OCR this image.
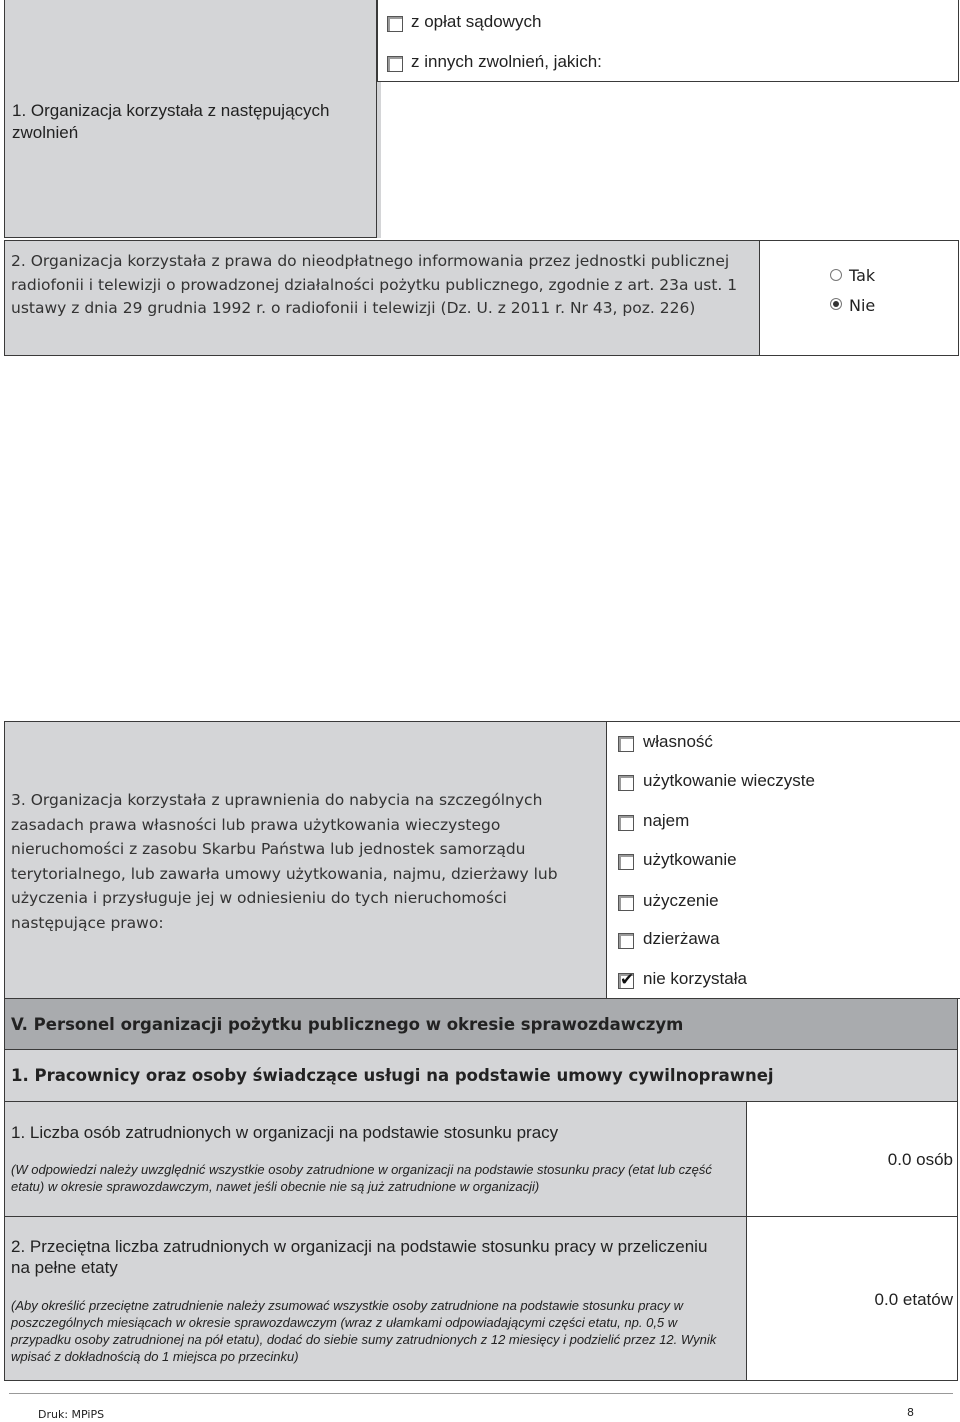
1. Organizacja korzystała z następujących zwolnień
z opłat sądowych
z innych zwolnień, jakich:
2. Organizacja korzystała z prawa do nieodpłatnego informowania przez jednostki publicznej radiofonii i telewizji o prowadzonej działalności pożytku publicznego, zgodnie z art. 23a ust. 1 ustawy z dnia 29 grudnia 1992 r. o radiofonii i telewizji (Dz. U. z 2011 r. Nr 43, poz. 226)
Tak
Nie
3. Organizacja korzystała z uprawnienia do nabycia na szczególnych zasadach prawa własności lub prawa użytkowania wieczystego nieruchomości z zasobu Skarbu Państwa lub jednostek samorządu terytorialnego, lub zawarła umowy użytkowania, najmu, dzierżawy lub użyczenia i przysługuje jej w odniesieniu do tych nieruchomości następujące prawo:
własność
użytkowanie wieczyste
najem
użytkowanie
użyczenie
dzierżawa
✔
nie korzystała
V. Personel organizacji pożytku publicznego w okresie sprawozdawczym
1. Pracownicy oraz osoby świadczące usługi na podstawie umowy cywilnoprawnej
1. Liczba osób zatrudnionych w organizacji na podstawie stosunku pracy
(W odpowiedzi należy uwzględnić wszystkie osoby zatrudnione w organizacji na podstawie stosunku pracy (etat lub część etatu) w okresie sprawozdawczym, nawet jeśli obecnie nie są już zatrudnione w organizacji)
0.0 osób
2. Przeciętna liczba zatrudnionych w organizacji na podstawie stosunku pracy w przeliczeniu na pełne etaty
(Aby określić przeciętne zatrudnienie należy zsumować wszystkie osoby zatrudnione na podstawie stosunku pracy w poszczególnych miesiącach w okresie sprawozdawczym (wraz z ułamkami odpowiadającymi części etatu, np. 0,5 w przypadku osoby zatrudnionej na pół etatu), dodać do siebie sumy zatrudnionych z 12 miesięcy i podzielić przez 12. Wynik wpisać z dokładnością do 1 miejsca po przecinku)
0.0 etatów
Druk: MPiPS	8
